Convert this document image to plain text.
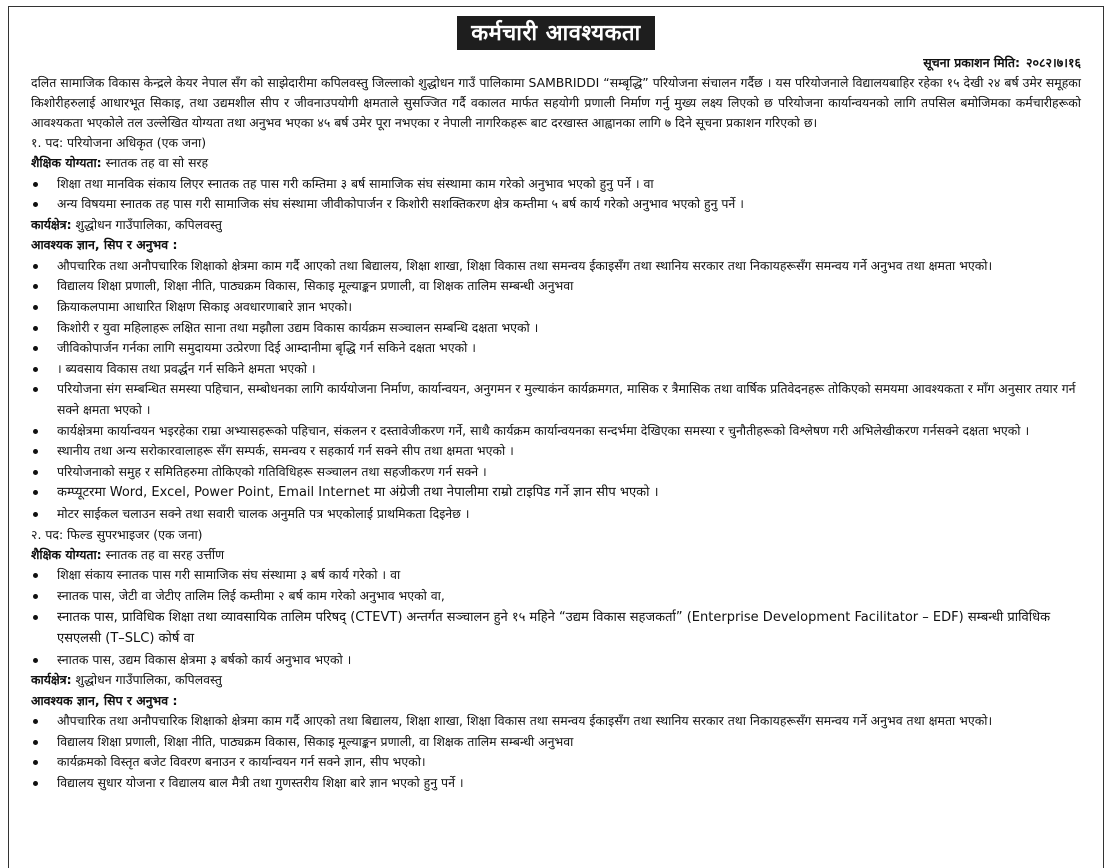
कर्मचारी आवश्यकता
सूचना प्रकाशन मिति: २०८२।७।१६

दलित सामाजिक विकास केन्द्रले केयर नेपाल सँग को साझेदारीमा कपिलवस्तु जिल्लाको शुद्धोधन गाउँ पालिकामा SAMBRIDDI “सम्बृद्धि” परियोजना संचालन गर्दैछ । यस परियोजनाले विद्यालयबाहिर रहेका १५ देखी २४ बर्ष उमेर समूहका किशोरीहरुलाई आधारभूत सिकाइ, तथा उद्यमशील सीप र जीवनाउपयोगी क्षमताले सुसज्जित गर्दै वकालत मार्फत सहयोगी प्रणाली निर्माण गर्नु मुख्य लक्ष्य लिएको छ परियोजना कार्यान्वयनको लागि तपसिल बमोजिमका कर्मचारीहरूको आवश्यकता भएकोले तल उल्लेखित योग्यता तथा अनुभव भएका ४५ बर्ष उमेर पूरा नभएका र नेपाली नागरिकहरू बाट दरखास्त आह्वानका लागि ७ दिने सूचना प्रकाशन गरिएको छ।

१. पद: परियोजना अधिकृत (एक जना)
शैक्षिक योग्यता: स्नातक तह वा सो सरह
शिक्षा तथा मानविक संकाय लिएर स्नातक तह पास गरी कम्तिमा ३ बर्ष सामाजिक संघ संस्थामा काम गरेको अनुभाव भएको हुनु पर्ने । वा
अन्य विषयमा स्नातक तह पास गरी सामाजिक संघ संस्थामा जीवीकोपार्जन र किशोरी सशक्तिकरण क्षेत्र कम्तीमा ५ बर्ष कार्य गरेको अनुभाव भएको हुनु पर्ने ।
कार्यक्षेत्र: शुद्धोधन गाउँपालिका, कपिलवस्तु
आवश्यक ज्ञान, सिप र अनुभव :
औपचारिक तथा अनौपचारिक शिक्षाको क्षेत्रमा काम गर्दै आएको तथा बिद्यालय, शिक्षा शाखा, शिक्षा विकास तथा समन्वय ईकाइसँग तथा स्थानिय सरकार तथा निकायहरूसँग समन्वय गर्ने अनुभव तथा क्षमता भएको।
विद्यालय शिक्षा प्रणाली, शिक्षा नीति, पाठ्यक्रम विकास, सिकाइ मूल्याङ्कन प्रणाली, वा शिक्षक तालिम सम्बन्धी अनुभवा
क्रियाकलपामा आधारित शिक्षण सिकाइ अवधारणाबारे ज्ञान भएको।
किशोरी र युवा महिलाहरू लक्षित साना तथा मझौला उद्यम विकास कार्यक्रम सञ्चालन सम्बन्धि दक्षता भएको ।
जीविकोपार्जन गर्नका लागि समुदायमा उत्प्रेरणा दिई आम्दानीमा बृद्धि गर्न सकिने दक्षता भएको ।
। ब्यवसाय विकास तथा प्रवर्द्धन गर्न सकिने क्षमता भएको ।
परियोजना संग सम्बन्धित समस्या पहिचान, सम्बोधनका लागि कार्ययोजना निर्माण, कार्यान्वयन, अनुगमन र मुल्याकंन कार्यक्रमगत, मासिक र त्रैमासिक तथा वार्षिक प्रतिवेदनहरू तोकिएको समयमा आवश्यकता र माँग अनुसार तयार गर्न सक्ने क्षमता भएको ।
कार्यक्षेत्रमा कार्यान्वयन भइरहेका राम्रा अभ्यासहरूको पहिचान, संकलन र दस्तावेजीकरण गर्ने, साथै कार्यक्रम कार्यान्वयनका सन्दर्भमा देखिएका समस्या र चुनौतीहरूको विश्लेषण गरी अभिलेखीकरण गर्नसक्ने दक्षता भएको ।
स्थानीय तथा अन्य सरोकारवालाहरू सँग सम्पर्क, समन्वय र सहकार्य गर्न सक्ने सीप तथा क्षमता भएको ।
परियोजनाको समुह र समितिहरुमा तोकिएको गतिविधिहरू सञ्चालन तथा सहजीकरण गर्न सक्ने ।
कम्प्यूटरमा Word, Excel, Power Point, Email Internet मा अंग्रेजी तथा नेपालीमा राम्रो टाइपिड गर्ने ज्ञान सीप भएको ।
मोटर साईकल चलाउन सक्ने तथा सवारी चालक अनुमति पत्र भएकोलाई प्राथमिकता दिइनेछ ।
२. पद: फिल्ड सुपरभाइजर (एक जना)
शैक्षिक योग्यता: स्नातक तह वा सरह उर्त्तीण
शिक्षा संकाय स्नातक पास गरी सामाजिक संघ संस्थामा ३ बर्ष कार्य गरेको । वा
स्नातक पास, जेटी वा जेटीए तालिम लिई कम्तीमा २ बर्ष काम गरेको अनुभाव भएको वा,
स्नातक पास, प्राविधिक शिक्षा तथा व्यावसायिक तालिम परिषद् (CTEVT) अन्तर्गत सञ्चालन हुने १५ महिने “उद्यम विकास सहजकर्ता” (Enterprise Development Facilitator – EDF) सम्बन्धी प्राविधिक एसएलसी (T–SLC) कोर्ष वा
स्नातक पास, उद्यम विकास क्षेत्रमा ३ बर्षको कार्य अनुभाव भएको ।
कार्यक्षेत्र: शुद्धोधन गाउँपालिका, कपिलवस्तु
आवश्यक ज्ञान, सिप र अनुभव :
औपचारिक तथा अनौपचारिक शिक्षाको क्षेत्रमा काम गर्दै आएको तथा बिद्यालय, शिक्षा शाखा, शिक्षा विकास तथा समन्वय ईकाइसँग तथा स्थानिय सरकार तथा निकायहरूसँग समन्वय गर्ने अनुभव तथा क्षमता भएको।
विद्यालय शिक्षा प्रणाली, शिक्षा नीति, पाठ्यक्रम विकास, सिकाइ मूल्याङ्कन प्रणाली, वा शिक्षक तालिम सम्बन्धी अनुभवा
कार्यक्रमको विस्तृत बजेट विवरण बनाउन र कार्यान्वयन गर्न सक्ने ज्ञान, सीप भएको।
विद्यालय सुधार योजना र विद्यालय बाल मैत्री तथा गुणस्तरीय शिक्षा बारे ज्ञान भएको हुनु पर्ने ।
